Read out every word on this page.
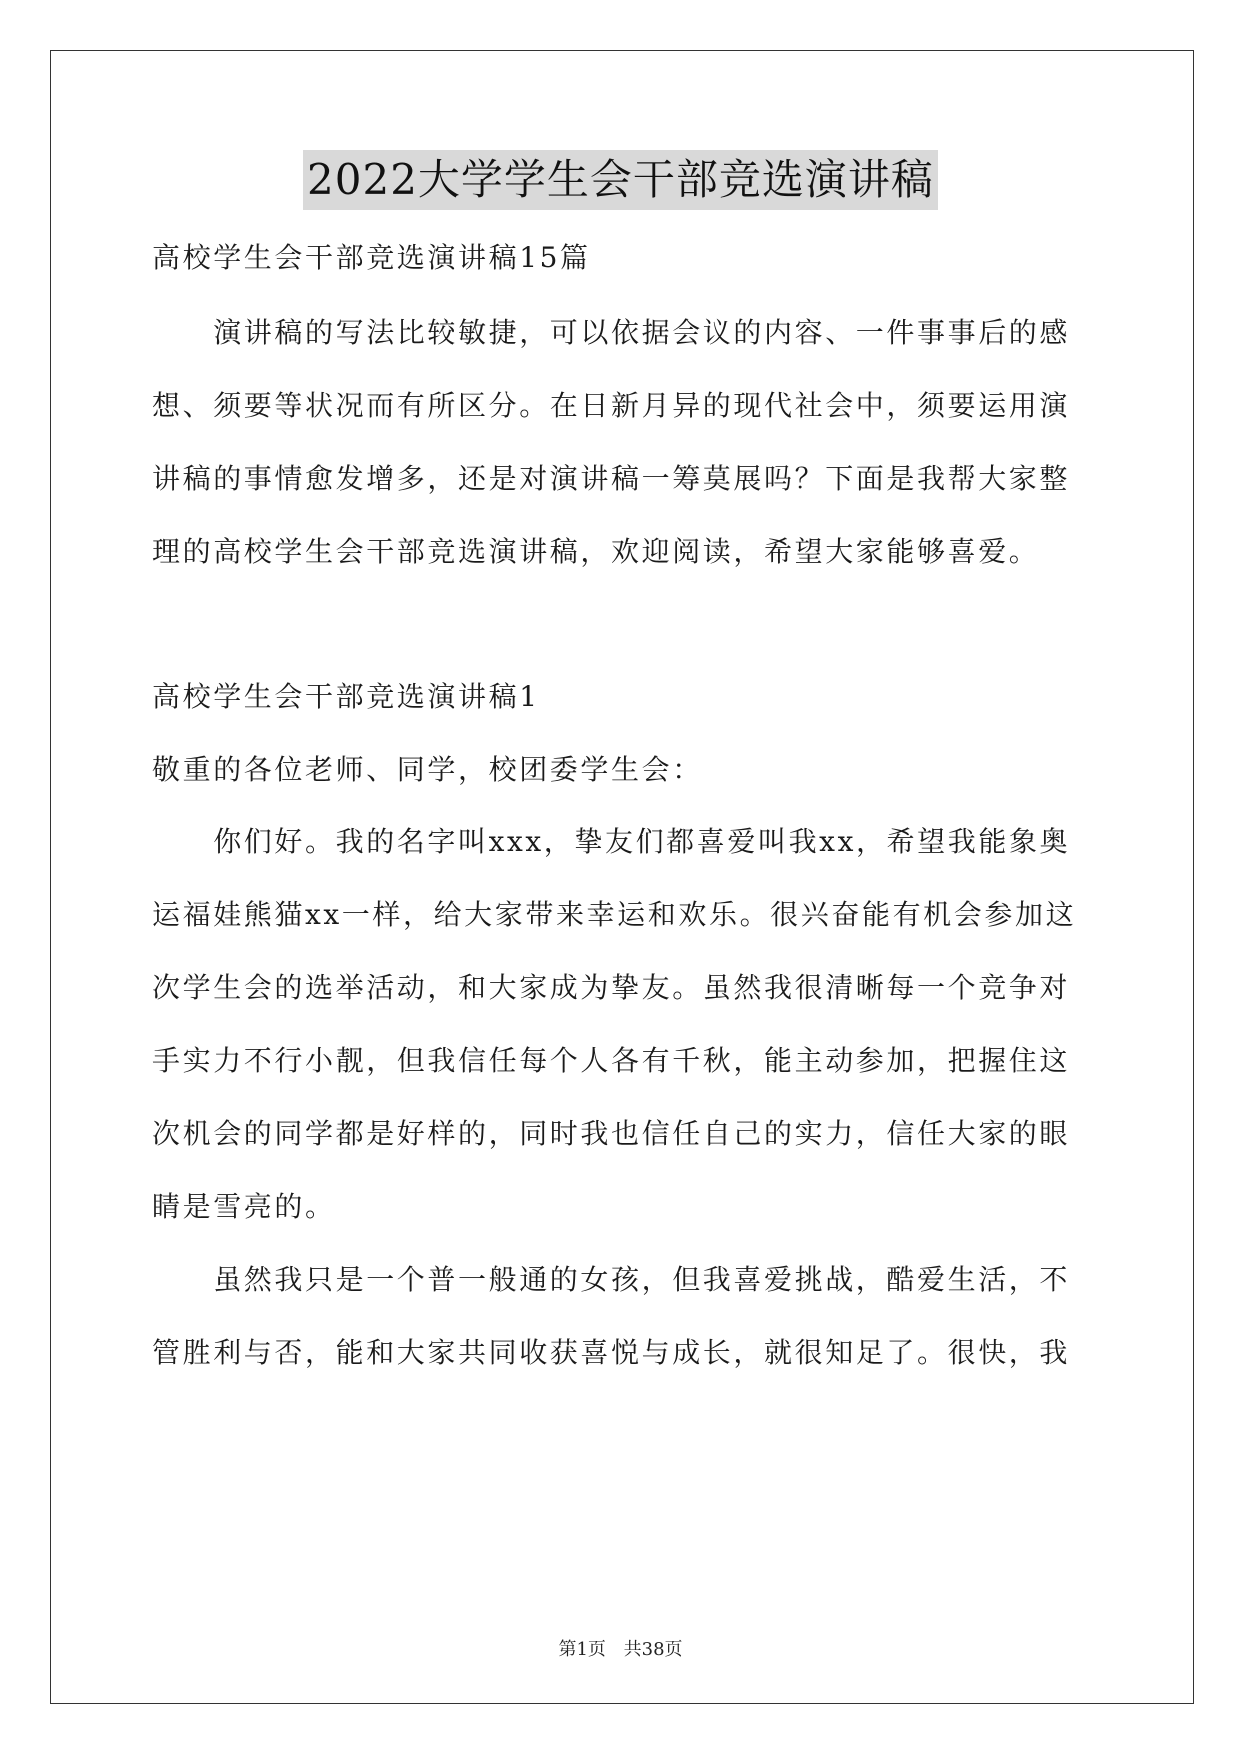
2022大学学生会干部竞选演讲稿
高校学生会干部竞选演讲稿15篇
　　演讲稿的写法比较敏捷，可以依据会议的内容、一件事事后的感
想、须要等状况而有所区分。在日新月异的现代社会中，须要运用演
讲稿的事情愈发增多，还是对演讲稿一筹莫展吗？下面是我帮大家整
理的高校学生会干部竞选演讲稿，欢迎阅读，希望大家能够喜爱。
高校学生会干部竞选演讲稿1
敬重的各位老师、同学，校团委学生会：
　　你们好。我的名字叫xxx，挚友们都喜爱叫我xx，希望我能象奥
运福娃熊猫xx一样，给大家带来幸运和欢乐。很兴奋能有机会参加这
次学生会的选举活动，和大家成为挚友。虽然我很清晰每一个竞争对
手实力不行小靓，但我信任每个人各有千秋，能主动参加，把握住这
次机会的同学都是好样的，同时我也信任自己的实力，信任大家的眼
睛是雪亮的。
　　虽然我只是一个普一般通的女孩，但我喜爱挑战，酷爱生活，不
管胜利与否，能和大家共同收获喜悦与成长，就很知足了。很快，我
第1页 共38页
